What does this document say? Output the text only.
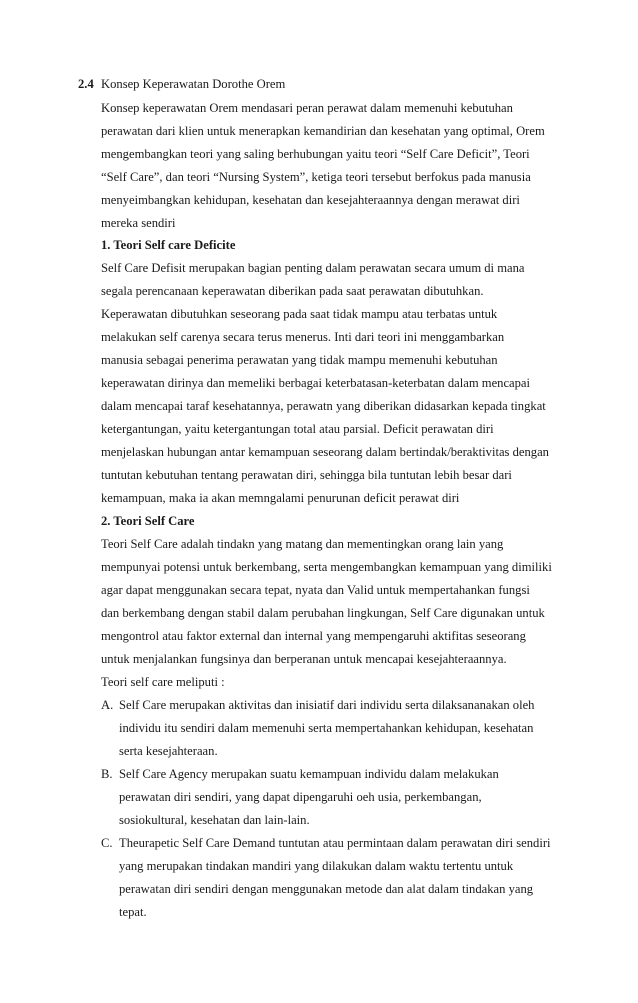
2.4 Konsep Keperawatan Dorothe Orem
Konsep keperawatan Orem mendasari peran perawat dalam memenuhi kebutuhan
perawatan dari klien untuk menerapkan kemandirian dan kesehatan yang optimal, Orem
mengembangkan teori yang saling berhubungan yaitu teori “Self Care Deficit”, Teori
“Self Care”, dan teori “Nursing System”, ketiga teori tersebut berfokus pada manusia
menyeimbangkan kehidupan, kesehatan dan kesejahteraannya dengan merawat diri
mereka sendiri
1. Teori Self care Deficite
Self Care Defisit merupakan bagian penting dalam perawatan secara umum di mana
segala perencanaan keperawatan diberikan pada saat perawatan dibutuhkan.
Keperawatan dibutuhkan seseorang pada saat tidak mampu atau terbatas untuk
melakukan self carenya secara terus menerus. Inti dari teori ini menggambarkan
manusia sebagai penerima perawatan yang tidak mampu memenuhi kebutuhan
keperawatan dirinya dan memeliki berbagai keterbatasan-keterbatan dalam mencapai
dalam mencapai taraf kesehatannya, perawatn yang diberikan didasarkan kepada tingkat
ketergantungan, yaitu ketergantungan total atau parsial. Deficit perawatan diri
menjelaskan hubungan antar kemampuan seseorang dalam bertindak/beraktivitas dengan
tuntutan kebutuhan tentang perawatan diri, sehingga bila tuntutan lebih besar dari
kemampuan, maka ia akan memngalami penurunan deficit perawat diri
2. Teori Self Care
Teori Self Care adalah tindakn yang matang dan mementingkan orang lain yang
mempunyai potensi untuk berkembang, serta mengembangkan kemampuan yang dimiliki
agar dapat menggunakan secara tepat, nyata dan Valid untuk mempertahankan fungsi
dan berkembang dengan stabil dalam perubahan lingkungan, Self Care digunakan untuk
mengontrol atau faktor external dan internal yang mempengaruhi aktifitas seseorang
untuk menjalankan fungsinya dan berperanan untuk mencapai kesejahteraannya.
Teori self care meliputi :
A. Self Care merupakan aktivitas dan inisiatif dari individu serta dilaksananakan oleh
individu itu sendiri dalam memenuhi serta mempertahankan kehidupan, kesehatan
serta kesejahteraan.
B. Self Care Agency merupakan suatu kemampuan individu dalam melakukan
perawatan diri sendiri, yang dapat dipengaruhi oeh usia, perkembangan,
sosiokultural, kesehatan dan lain-lain.
C. Theurapetic Self Care Demand tuntutan atau permintaan dalam perawatan diri sendiri
yang merupakan tindakan mandiri yang dilakukan dalam waktu tertentu untuk
perawatan diri sendiri dengan menggunakan metode dan alat dalam tindakan yang
tepat.
